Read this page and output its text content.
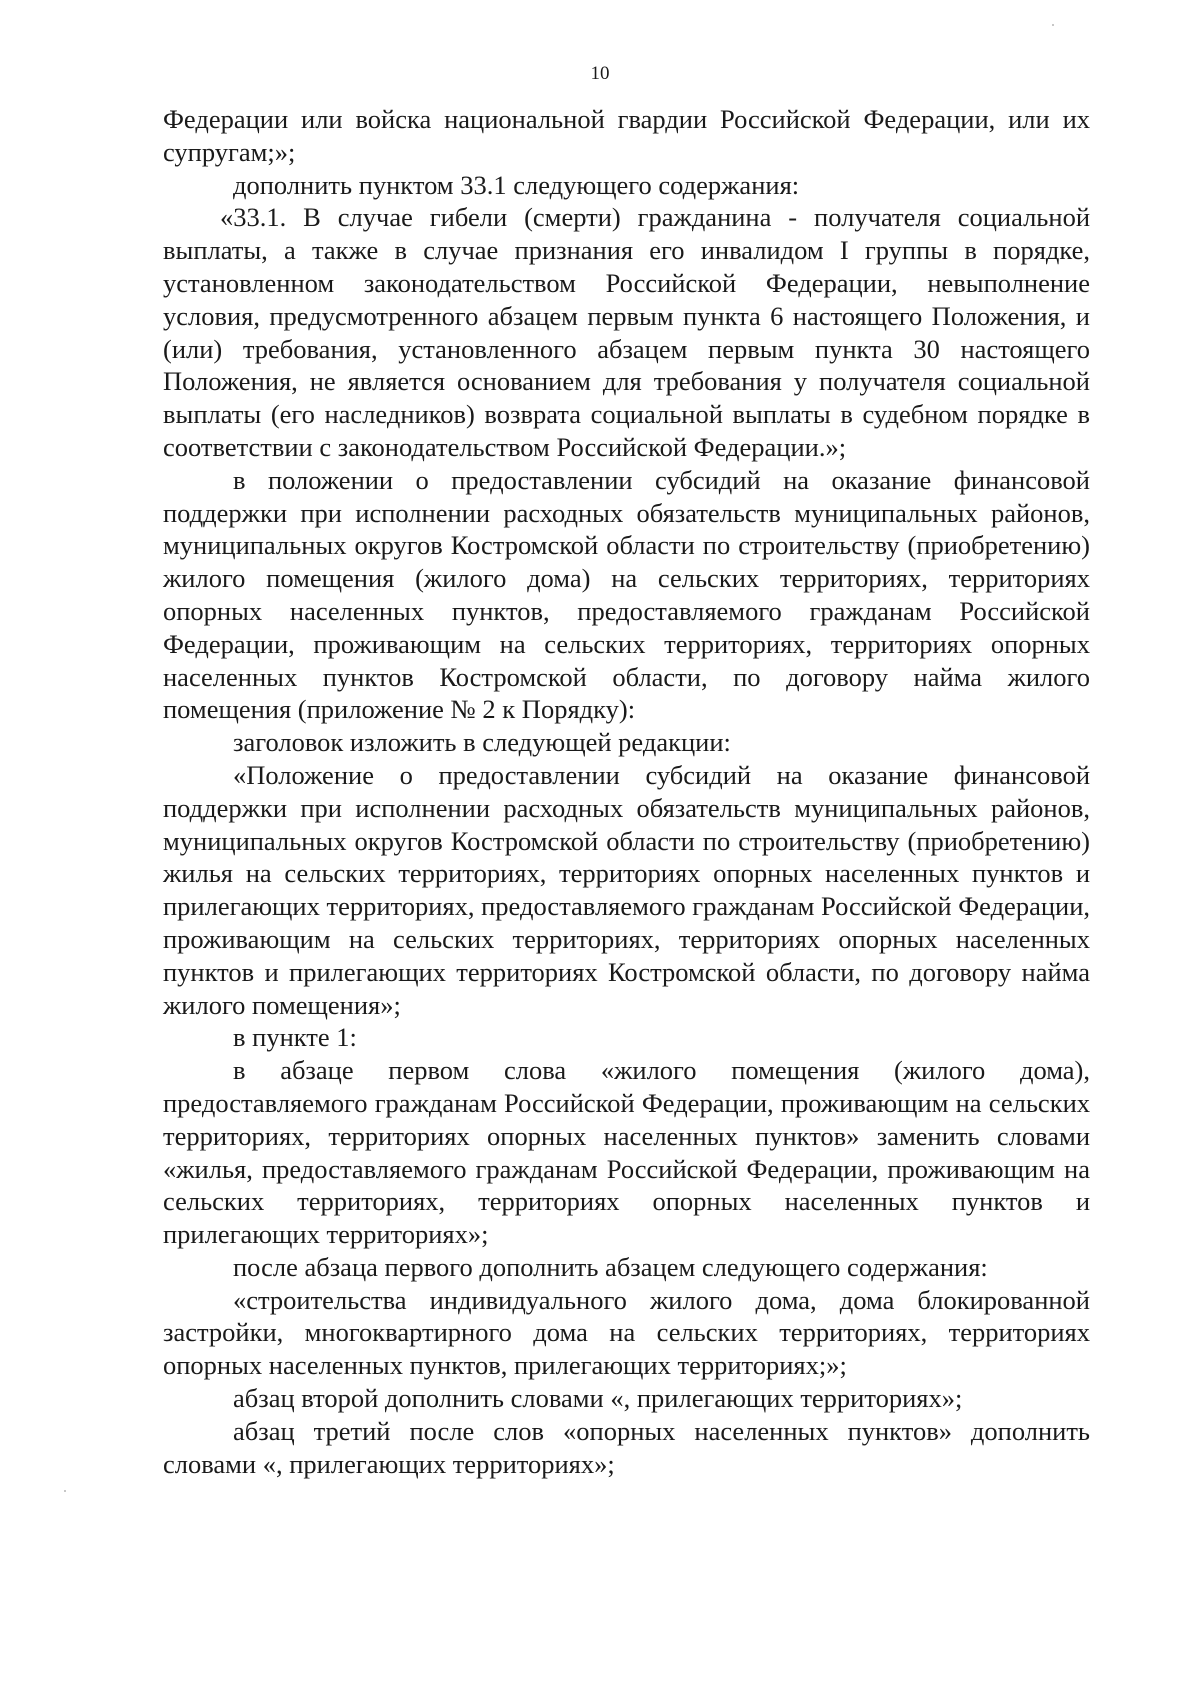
10

Федерации или войска национальной гвардии Российской Федерации, или их супругам;»;

дополнить пунктом 33.1 следующего содержания:

«33.1. В случае гибели (смерти) гражданина - получателя социальной выплаты, а также в случае признания его инвалидом I группы в порядке, установленном законодательством Российской Федерации, невыполнение условия, предусмотренного абзацем первым пункта 6 настоящего Положения, и (или) требования, установленного абзацем первым пункта 30 настоящего Положения, не является основанием для требования у получателя социальной выплаты (его наследников) возврата социальной выплаты в судебном порядке в соответствии с законодательством Российской Федерации.»;

в положении о предоставлении субсидий на оказание финансовой поддержки при исполнении расходных обязательств муниципальных районов, муниципальных округов Костромской области по строительству (приобретению) жилого помещения (жилого дома) на сельских территориях, территориях опорных населенных пунктов, предоставляемого гражданам Российской Федерации, проживающим на сельских территориях, территориях опорных населенных пунктов Костромской области, по договору найма жилого помещения (приложение № 2 к Порядку):

заголовок изложить в следующей редакции:

«Положение о предоставлении субсидий на оказание финансовой поддержки при исполнении расходных обязательств муниципальных районов, муниципальных округов Костромской области по строительству (приобретению) жилья на сельских территориях, территориях опорных населенных пунктов и прилегающих территориях, предоставляемого гражданам Российской Федерации, проживающим на сельских территориях, территориях опорных населенных пунктов и прилегающих территориях Костромской области, по договору найма жилого помещения»;

в пункте 1:

в абзаце первом слова «жилого помещения (жилого дома), предоставляемого гражданам Российской Федерации, проживающим на сельских территориях, территориях опорных населенных пунктов» заменить словами «жилья, предоставляемого гражданам Российской Федерации, проживающим на сельских территориях, территориях опорных населенных пунктов и прилегающих территориях»;

после абзаца первого дополнить абзацем следующего содержания:

«строительства индивидуального жилого дома, дома блокированной застройки, многоквартирного дома на сельских территориях, территориях опорных населенных пунктов, прилегающих территориях;»;

абзац второй дополнить словами «, прилегающих территориях»;

абзац третий после слов «опорных населенных пунктов» дополнить словами «, прилегающих территориях»;
